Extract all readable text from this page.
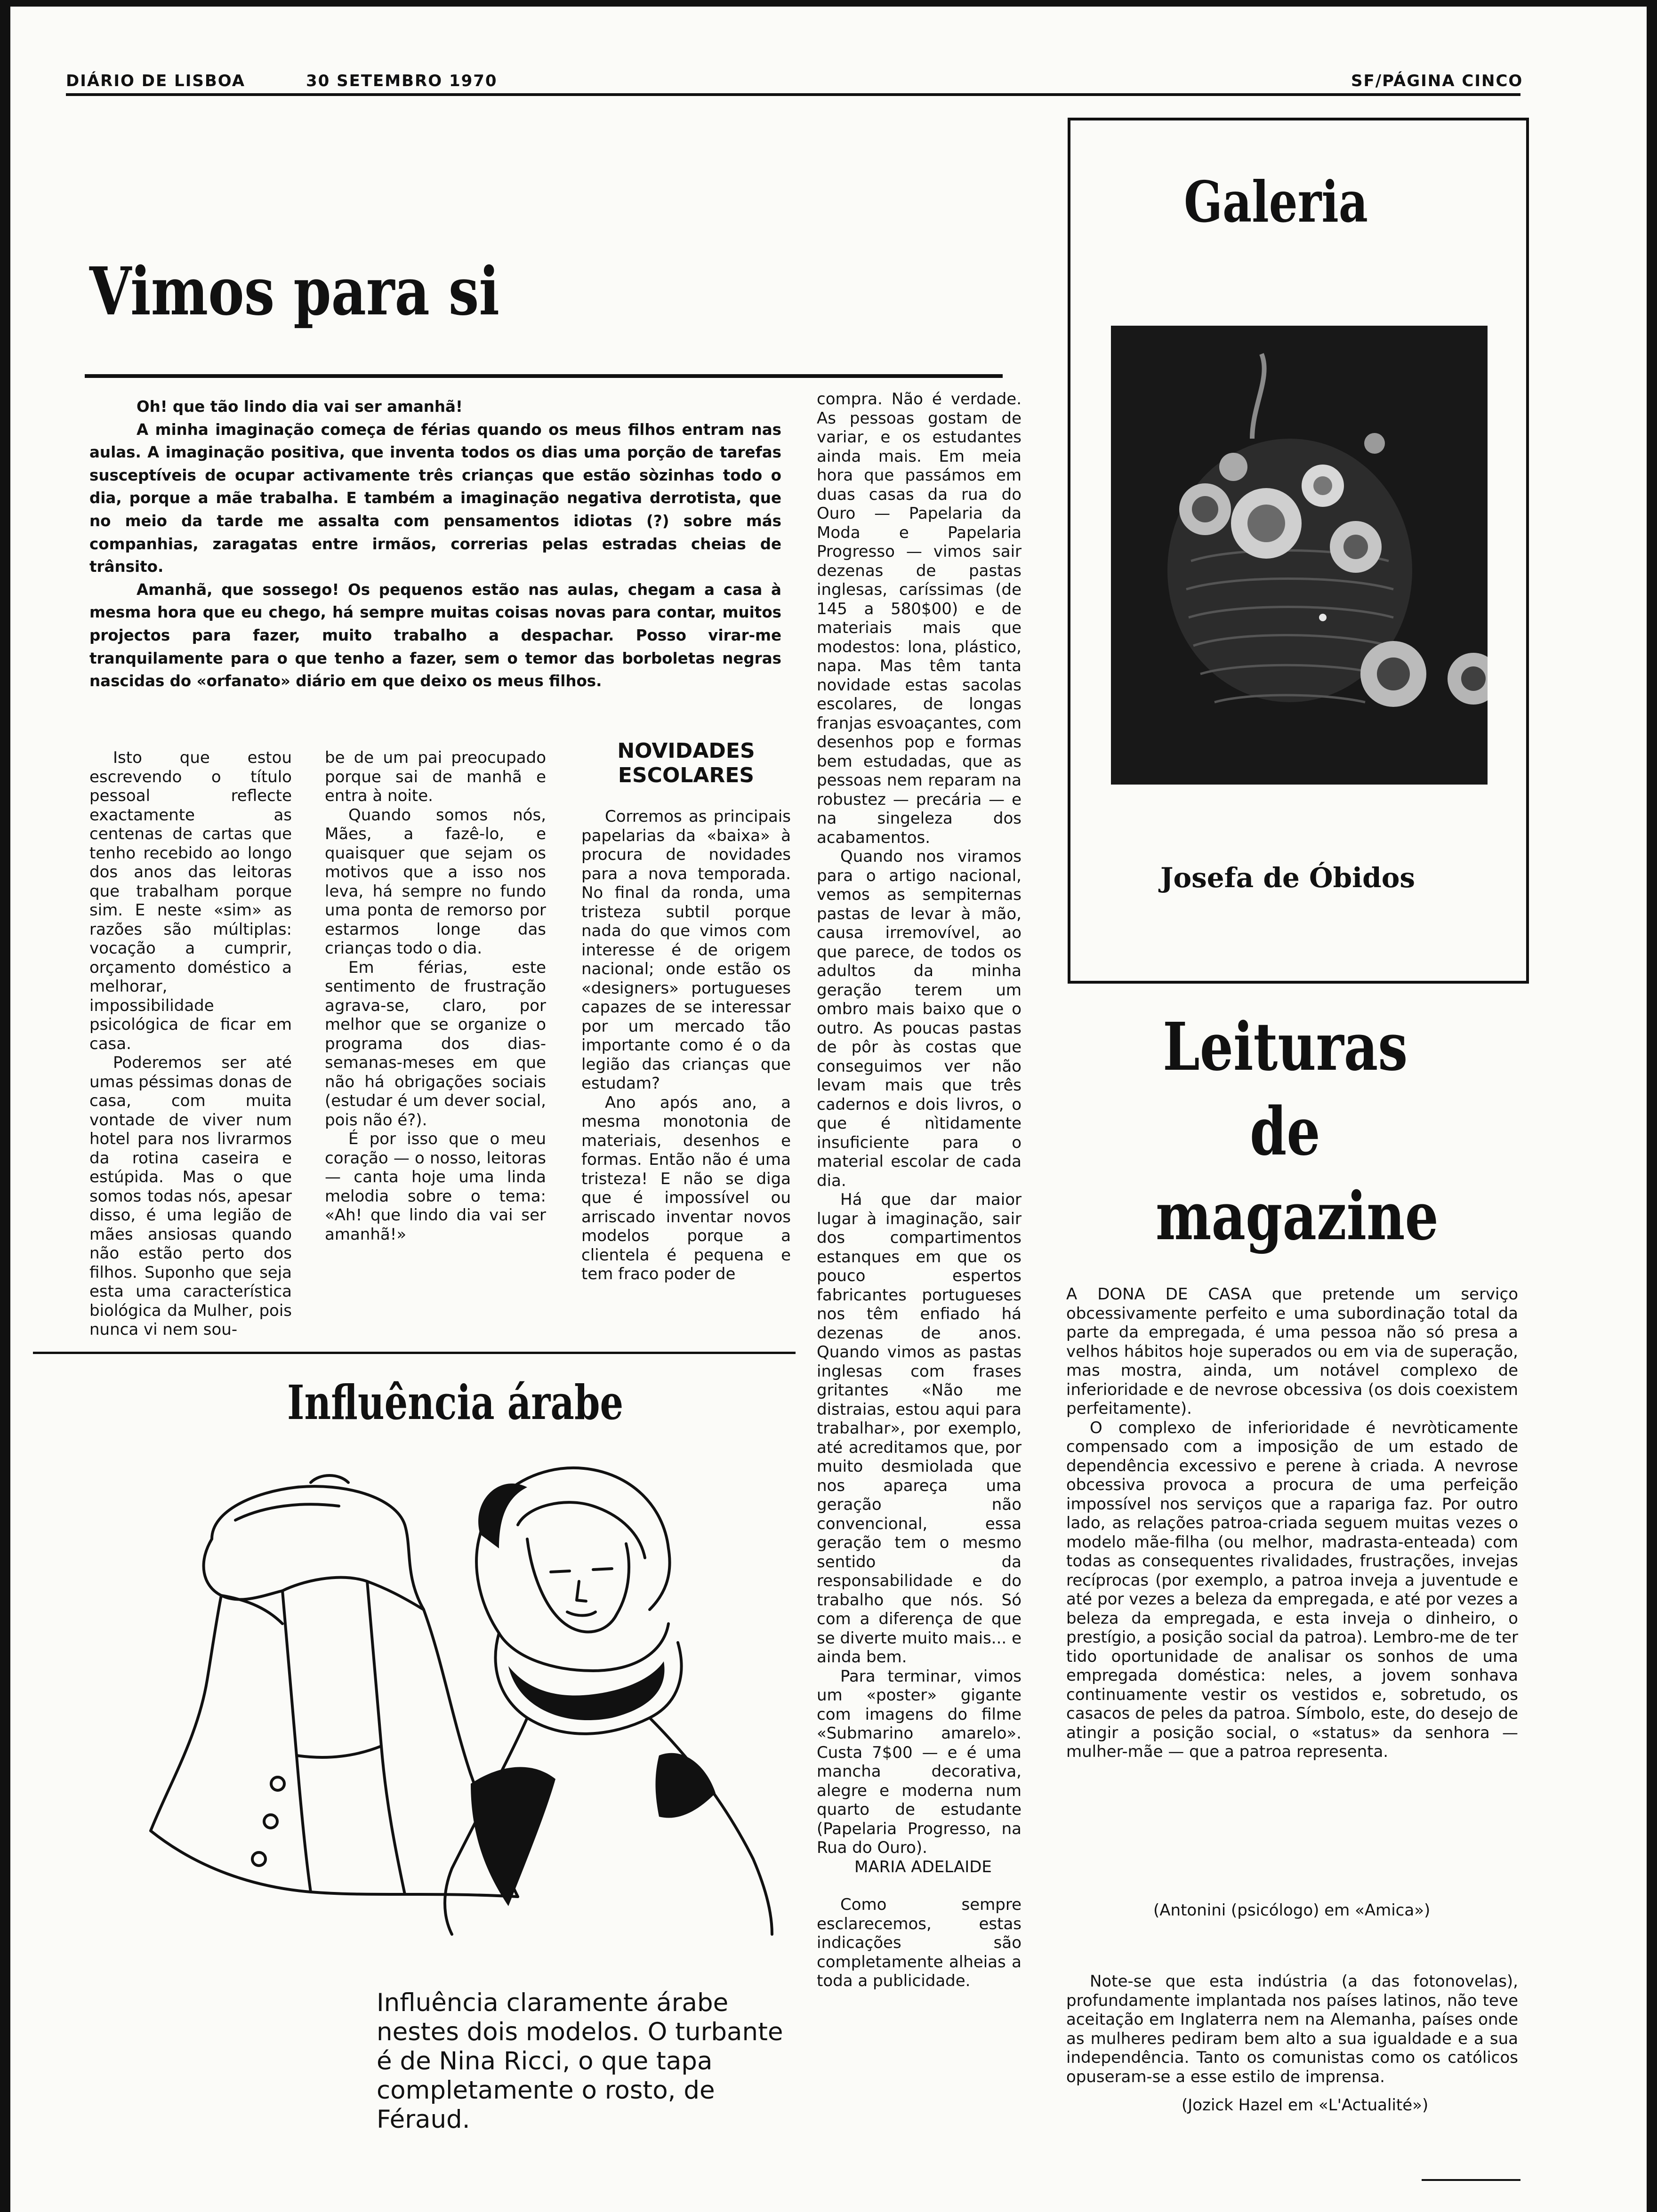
DIÁRIO DE LISBOA	30 SETEMBRO 1970	SF/PÁGINA CINCO
Vimos para si

Oh! que tão lindo dia vai ser amanhã!

A minha imaginação começa de férias quando os meus filhos entram nas aulas. A imaginação positiva, que inventa todos os dias uma porção de tarefas susceptíveis de ocupar activamente três crianças que estão sòzinhas todo o dia, porque a mãe trabalha. E também a imaginação negativa derrotista, que no meio da tarde me assalta com pensamentos idiotas (?) sobre más companhias, zaragatas entre irmãos, correrias pelas estradas cheias de trânsito.

Amanhã, que sossego! Os pequenos estão nas aulas, chegam a casa à mesma hora que eu chego, há sempre muitas coisas novas para contar, muitos projectos para fazer, muito trabalho a despachar. Posso virar-me tranquilamente para o que tenho a fazer, sem o temor das borboletas negras nascidas do «orfanato» diário em que deixo os meus filhos.

Isto que estou escrevendo o título pessoal reflecte exactamente as centenas de cartas que tenho recebido ao longo dos anos das leitoras que trabalham porque sim. E neste «sim» as razões são múltiplas: vocação a cumprir, orçamento doméstico a melhorar, impossibilidade psicológica de ficar em casa.

Poderemos ser até umas péssimas donas de casa, com muita vontade de viver num hotel para nos livrarmos da rotina caseira e estúpida. Mas o que somos todas nós, apesar disso, é uma legião de mães ansiosas quando não estão perto dos filhos. Suponho que seja esta uma característica biológica da Mulher, pois nunca vi nem sou-

be de um pai preocupado porque sai de manhã e entra à noite.

Quando somos nós, Mães, a fazê-lo, e quaisquer que sejam os motivos que a isso nos leva, há sempre no fundo uma ponta de remorso por estarmos longe das crianças todo o dia.

Em férias, este sentimento de frustração agrava-se, claro, por melhor que se organize o programa dos dias-semanas-meses em que não há obrigações sociais (estudar é um dever social, pois não é?).

É por isso que o meu coração — o nosso, leitoras — canta hoje uma linda melodia sobre o tema: «Ah! que lindo dia vai ser amanhã!»

NOVIDADES ESCOLARES

Corremos as principais papelarias da «baixa» à procura de novidades para a nova temporada. No final da ronda, uma tristeza subtil porque nada do que vimos com interesse é de origem nacional; onde estão os «designers» portugueses capazes de se interessar por um mercado tão importante como é o da legião das crianças que estudam?

Ano após ano, a mesma monotonia de materiais, desenhos e formas. Então não é uma tristeza! E não se diga que é impossível ou arriscado inventar novos modelos porque a clientela é pequena e tem fraco poder de

compra. Não é verdade. As pessoas gostam de variar, e os estudantes ainda mais. Em meia hora que passámos em duas casas da rua do Ouro — Papelaria da Moda e Papelaria Progresso — vimos sair dezenas de pastas inglesas, caríssimas (de 145 a 580$00) e de materiais mais que modestos: lona, plástico, napa. Mas têm tanta novidade estas sacolas escolares, de longas franjas esvoaçantes, com desenhos pop e formas bem estudadas, que as pessoas nem reparam na robustez — precária — e na singeleza dos acabamentos.

Quando nos viramos para o artigo nacional, vemos as sempiternas pastas de levar à mão, causa irremovível, ao que parece, de todos os adultos da minha geração terem um ombro mais baixo que o outro. As poucas pastas de pôr às costas que conseguimos ver não levam mais que três cadernos e dois livros, o que é nìtidamente insuficiente para o material escolar de cada dia.

Há que dar maior lugar à imaginação, sair dos compartimentos estanques em que os pouco espertos fabricantes portugueses nos têm enfiado há dezenas de anos. Quando vimos as pastas inglesas com frases gritantes «Não me distraias, estou aqui para trabalhar», por exemplo, até acreditamos que, por muito desmiolada que nos apareça uma geração não convencional, essa geração tem o mesmo sentido da responsabilidade e do trabalho que nós. Só com a diferença de que se diverte muito mais... e ainda bem.

Para terminar, vimos um «poster» gigante com imagens do filme «Submarino amarelo». Custa 7$00 — e é uma mancha decorativa, alegre e moderna num quarto de estudante (Papelaria Progresso, na Rua do Ouro).

MARIA ADELAIDE

Como sempre esclarecemos, estas indicações são completamente alheias a toda a publicidade.

Influência árabe
Influência claramente árabe nestes dois modelos. O turbante é de Nina Ricci, o que tapa completamente o rosto, de Féraud.
Galeria
Josefa de Óbidos
Leituras
de
magazine

A DONA DE CASA que pretende um serviço obcessivamente perfeito e uma subordinação total da parte da empregada, é uma pessoa não só presa a velhos hábitos hoje superados ou em via de superação, mas mostra, ainda, um notável complexo de inferioridade e de nevrose obcessiva (os dois coexistem perfeitamente).

O complexo de inferioridade é nevròticamente compensado com a imposição de um estado de dependência excessivo e perene à criada. A nevrose obcessiva provoca a procura de uma perfeição impossível nos serviços que a rapariga faz. Por outro lado, as relações patroa-criada seguem muitas vezes o modelo mãe-filha (ou melhor, madrasta-enteada) com todas as consequentes rivalidades, frustrações, invejas recíprocas (por exemplo, a patroa inveja a juventude e até por vezes a beleza da empregada, e até por vezes a beleza da empregada, e esta inveja o dinheiro, o prestígio, a posição social da patroa). Lembro-me de ter tido oportunidade de analisar os sonhos de uma empregada doméstica: neles, a jovem sonhava continuamente vestir os vestidos e, sobretudo, os casacos de peles da patroa. Símbolo, este, do desejo de atingir a posição social, o «status» da senhora — mulher-mãe — que a patroa representa.

(Antonini (psicólogo) em «Amica»)

Note-se que esta indústria (a das fotonovelas), profundamente implantada nos países latinos, não teve aceitação em Inglaterra nem na Alemanha, países onde as mulheres pediram bem alto a sua igualdade e a sua independência. Tanto os comunistas como os católicos opuseram-se a esse estilo de imprensa.

(Jozick Hazel em «L'Actualité»)
